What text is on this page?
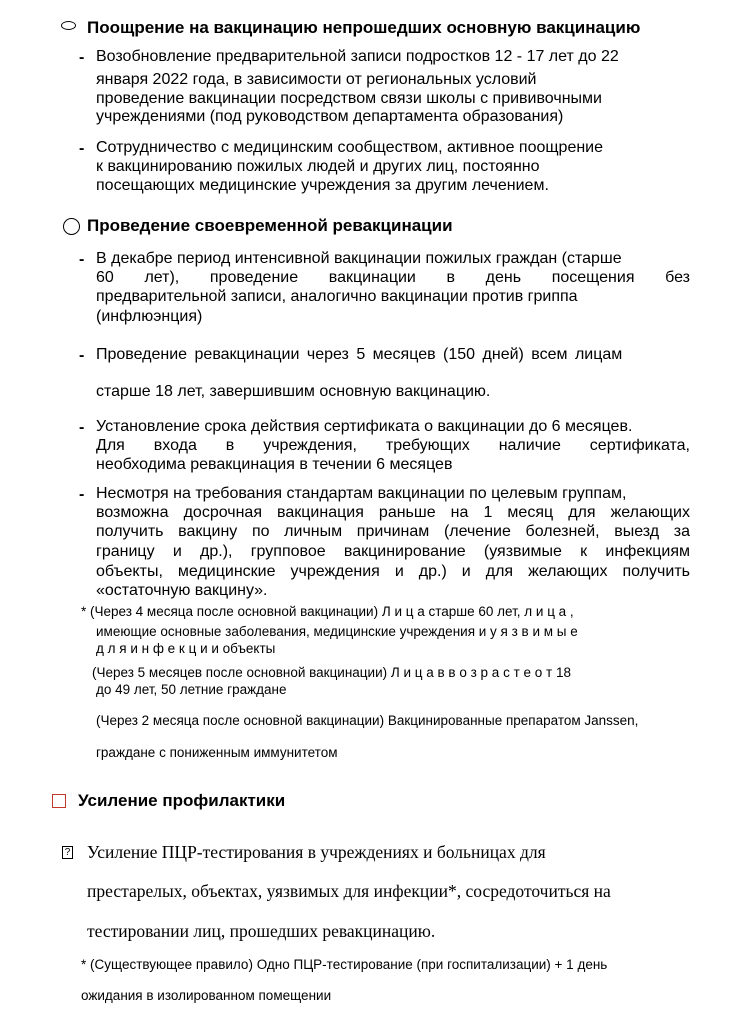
Поощрение на вакцинацию непрошедших основную вакцинацию
- Возобновление предварительной записи подростков 12 - 17 лет до 22
января 2022 года, в зависимости от региональных условий
проведение вакцинации посредством связи школы с прививочными
учреждениями (под руководством департамента образования)
- Сотрудничество с медицинским сообществом, активное поощрение
к вакцинированию пожилых людей и других лиц, постоянно
посещающих медицинские учреждения за другим лечением.
Проведение своевременной ревакцинации
- В декабре период интенсивной вакцинации пожилых граждан (старше
60 лет), проведение вакцинации в день посещения без
предварительной записи, аналогично вакцинации против гриппа
(инфлюэнция)
- Проведение ревакцинации через 5 месяцев (150 дней) всем лицам
старше 18 лет, завершившим основную вакцинацию.
- Установление срока действия сертификата о вакцинации до 6 месяцев.
Для входа в учреждения, требующих наличие сертификата,
необходима ревакцинация в течении 6 месяцев
- Несмотря на требования стандартам вакцинации по целевым группам,
возможна досрочная вакцинация раньше на 1 месяц для желающих
получить вакцину по личным причинам (лечение болезней, выезд за
границу и др.), групповое вакцинирование (уязвимые к инфекциям
объекты, медицинские учреждения и др.) и для желающих получить
«остаточную вакцину».
* (Через 4 месяца после основной вакцинации) Л и ц а старше 60 лет, л и ц а ,
имеющие основные заболевания, медицинские учреждения и у я з в и м ы е
д л я и н ф е к ц и и объекты
(Через 5 месяцев после основной вакцинации) Л и ц а в в о з р а с т е о т 18
до 49 лет, 50 летние граждане
(Через 2 месяца после основной вакцинации) Вакцинированные препаратом Janssen,
граждане с пониженным иммунитетом
Усиление профилактики
? Усиление ПЦР-тестирования в учреждениях и больницах для
престарелых, объектах, уязвимых для инфекции*, сосредоточиться на
тестировании лиц, прошедших ревакцинацию.
* (Существующее правило) Одно ПЦР-тестирование (при госпитализации) + 1 день
ожидания в изолированном помещении
